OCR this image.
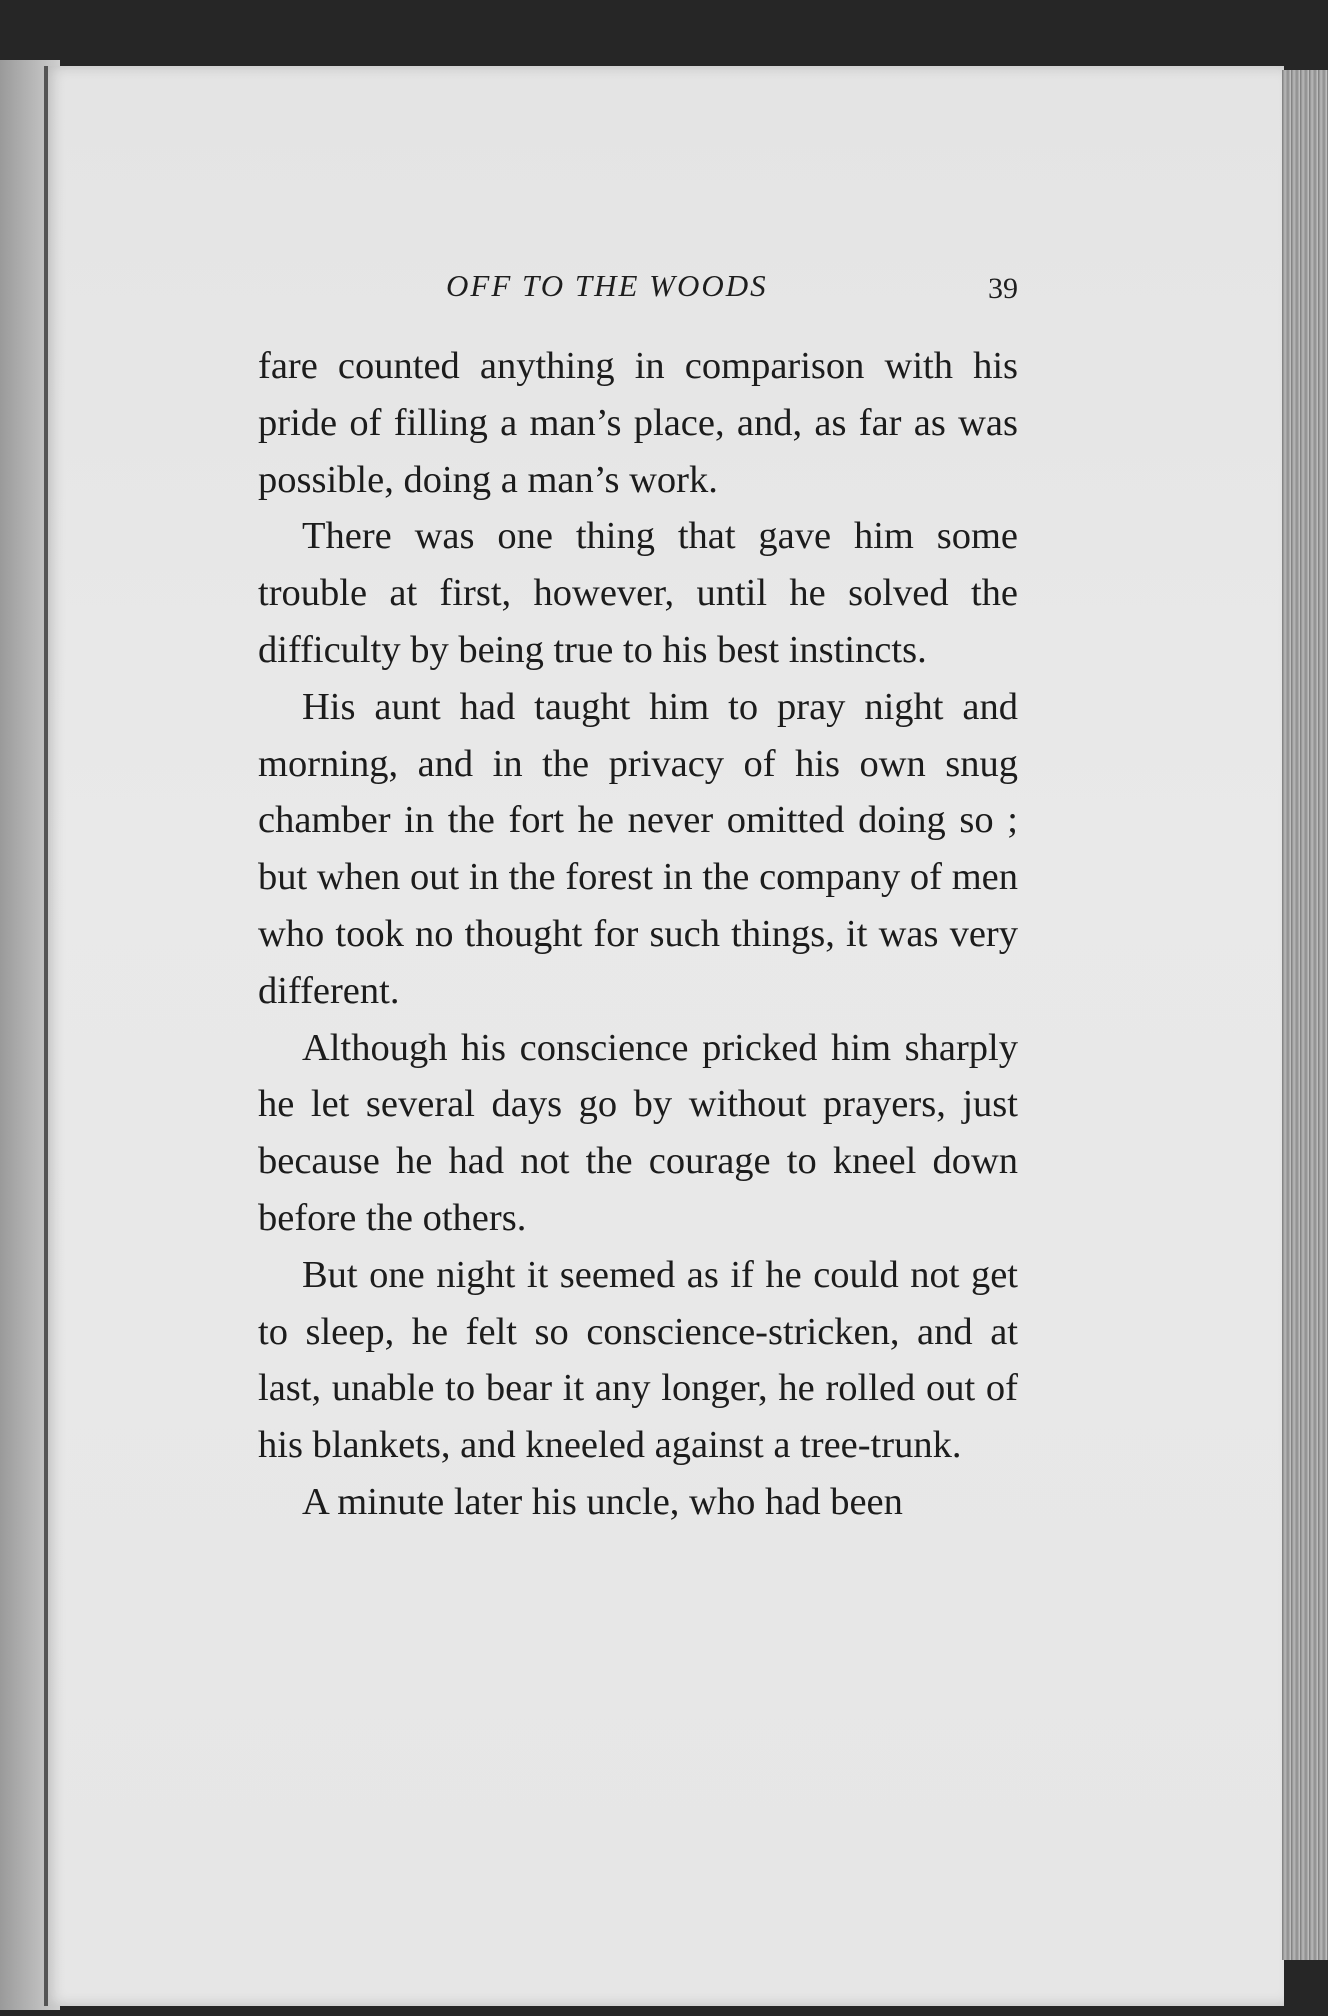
OFF TO THE WOODS	39

fare counted anything in comparison with his pride of filling a man’s place, and, as far as was possible, doing a man’s work.

There was one thing that gave him some trouble at first, however, until he solved the difficulty by being true to his best instincts.

His aunt had taught him to pray night and morning, and in the privacy of his own snug chamber in the fort he never omitted doing so ; but when out in the forest in the company of men who took no thought for such things, it was very different.

Although his conscience pricked him sharply he let several days go by without prayers, just because he had not the courage to kneel down before the others.

But one night it seemed as if he could not get to sleep, he felt so conscience-stricken, and at last, unable to bear it any longer, he rolled out of his blankets, and kneeled against a tree-trunk.

A minute later his uncle, who had been
